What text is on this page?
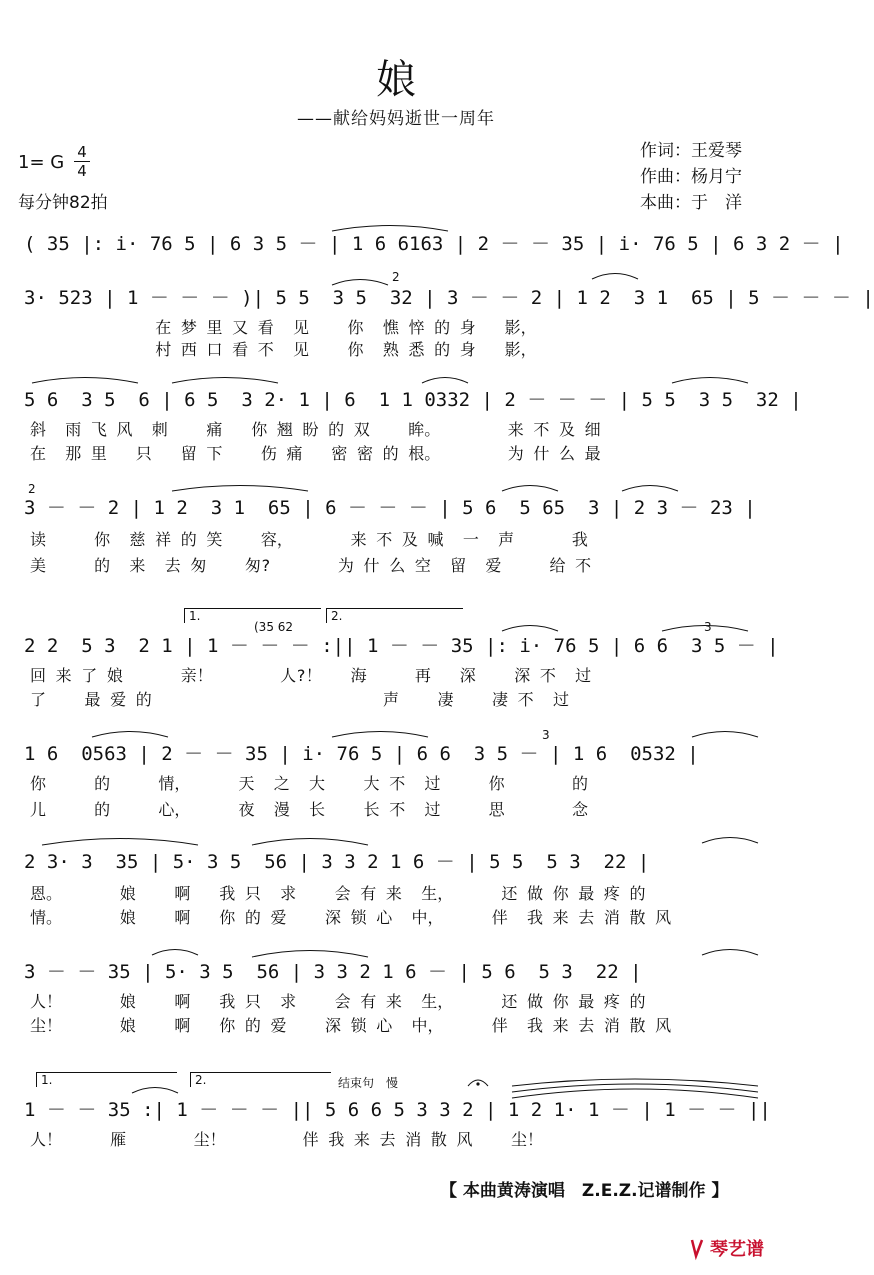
娘
——献给妈妈逝世一周年
1= G 4
4
每分钟82拍
作词：王爱琴
作曲：杨月宁
本曲：于　洋
( 35 |: i· 76 5 | 6 3 5 － | 1 6 6163 | 2 － － 35 | i· 76 5 | 6 3 2 － |
2
3· 523 | 1 － － － )| 5 5  3 5  32 | 3 － － 2 | 1 2  3 1  65 | 5 － － － |
在 梦 里 又 看  见    你  憔 悴 的 身   影，
村 西 口 看 不  见    你  熟 悉 的 身   影，
5 6  3 5  6 | 6 5  3 2· 1 | 6  1 1 0332 | 2 － － － | 5 5  3 5  32 |
斜  雨 飞 风  刺    痛   你 翘 盼 的 双    眸。       来 不 及 细
在  那 里   只   留 下    伤 痛   密 密 的 根。       为 什 么 最
2
3 － － 2 | 1 2  3 1  65 | 6 － － － | 5 6  5 65  3 | 2 3 － 23 |
读     你  慈 祥 的 笑    容，      来 不 及 喊  一  声      我
美     的  来  去 匆    匆?       为 什 么 空  留  爱     给 不
1.	2.
(35 62	3
2 2  5 3  2 1 | 1 － － － :|| 1 － － 35 |: i· 76 5 | 6 6  3 5 － |
回 来 了 娘      亲！       人?！   海     再   深    深 不  过
了    最 爱 的                        声    凄    凄 不  过
3
1 6  0563 | 2 － － 35 | i· 76 5 | 6 6  3 5 － | 1 6  0532 |
你     的     情，     天  之  大    大 不  过     你       的
儿     的     心，     夜  漫  长    长 不  过     思       念
2 3· 3  35 | 5· 3 5  56 | 3 3 2 1 6 － | 5 5  5 3  22 |
恩。      娘    啊   我 只  求    会 有 来  生，     还 做 你 最 疼 的
情。      娘    啊   你 的 爱    深 锁 心  中，     伴  我 来 去 消 散 风
3 － － 35 | 5· 3 5  56 | 3 3 2 1 6 － | 5 6  5 3  22 |
人！      娘    啊   我 只  求    会 有 来  生，     还 做 你 最 疼 的
尘！      娘    啊   你 的 爱    深 锁 心  中，     伴  我 来 去 消 散 风
1.	2.	结束句　慢
1 － － 35 :| 1 － － － || 5 6 6 5 3 3 2 | 1 2 1· 1 － | 1 － － ||
人！     雁       尘！        伴 我 来 去 消 散 风    尘！
【 本曲黄涛演唱　Z.E.Z.记谱制作 】
琴艺谱
